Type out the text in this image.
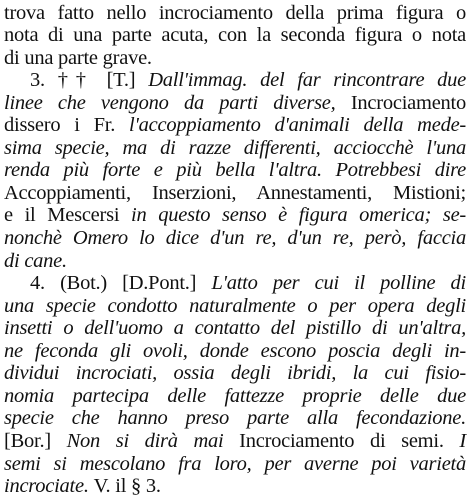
trova fatto nello incrociamento della prima figura o
nota di una parte acuta, con la seconda figura o nota
di una parte grave.
3. †† [T.] Dall'immag. del far rincontrare due
linee che vengono da parti diverse, Incrociamento
dissero i Fr. l'accoppiamento d'animali della mede-
sima specie, ma di razze differenti, acciocchè l'una
renda più forte e più bella l'altra. Potrebbesi dire
Accoppiamenti, Inserzioni, Annestamenti, Mistioni;
e il Mescersi in questo senso è figura omerica; se-
nonchè Omero lo dice d'un re, d'un re, però, faccia
di cane.
4. (Bot.) [D.Pont.] L'atto per cui il polline di
una specie condotto naturalmente o per opera degli
insetti o dell'uomo a contatto del pistillo di un'altra,
ne feconda gli ovoli, donde escono poscia degli in-
dividui incrociati, ossia degli ibridi, la cui fisio-
nomia partecipa delle fattezze proprie delle due
specie che hanno preso parte alla fecondazione.
[Bor.] Non si dirà mai Incrociamento di semi. I
semi si mescolano fra loro, per averne poi varietà
incrociate. V. il § 3.
